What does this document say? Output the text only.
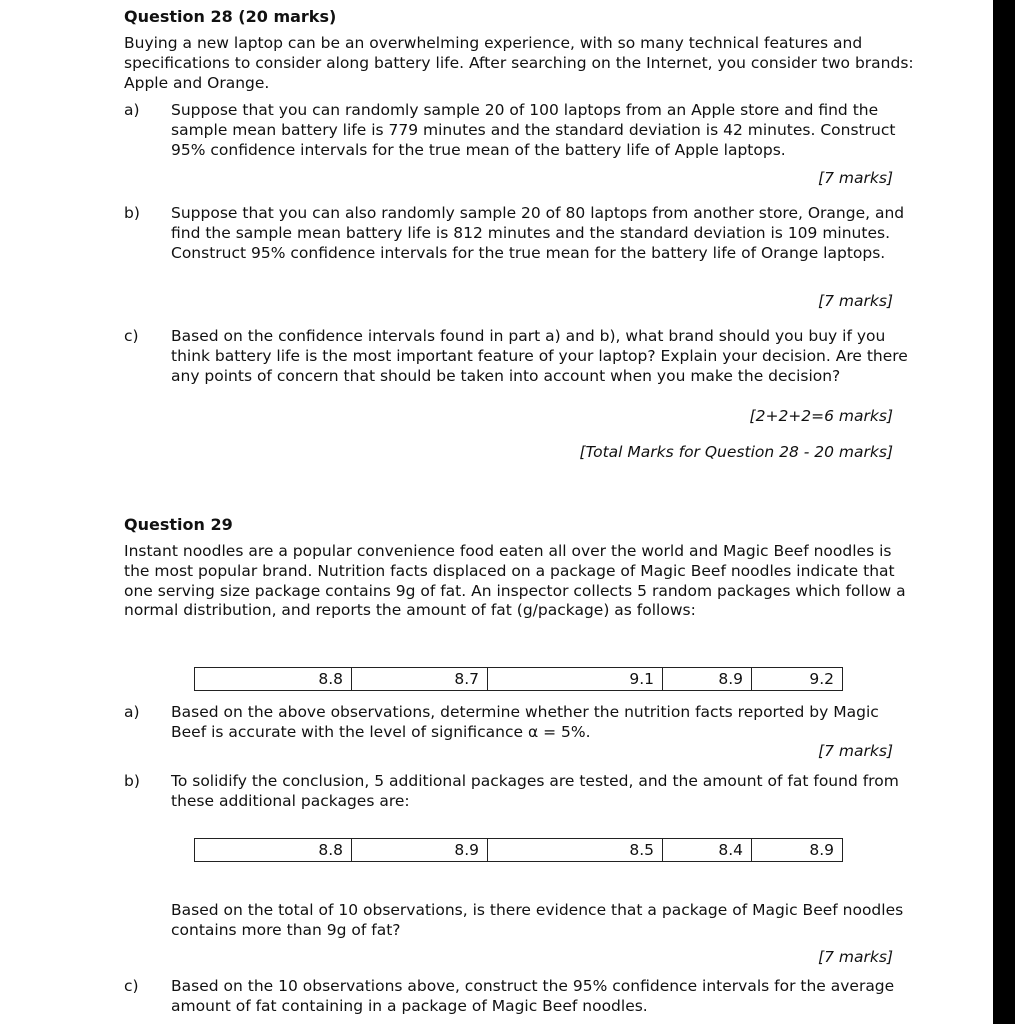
Question 28 (20 marks)
Buying a new laptop can be an overwhelming experience, with so many technical features and specifications to consider along battery life. After searching on the Internet, you consider two brands: Apple and Orange.
a)	Suppose that you can randomly sample 20 of 100 laptops from an Apple store and find the sample mean battery life is 779 minutes and the standard deviation is 42 minutes. Construct 95% confidence intervals for the true mean of the battery life of Apple laptops.
[7 marks]
b)	Suppose that you can also randomly sample 20 of 80 laptops from another store, Orange, and find the sample mean battery life is 812 minutes and the standard deviation is 109 minutes. Construct 95% confidence intervals for the true mean for the battery life of Orange laptops.
[7 marks]
c)	Based on the confidence intervals found in part a) and b), what brand should you buy if you think battery life is the most important feature of your laptop? Explain your decision. Are there any points of concern that should be taken into account when you make the decision?
[2+2+2=6 marks]
[Total Marks for Question 28 - 20 marks]
Question 29
Instant noodles are a popular convenience food eaten all over the world and Magic Beef noodles is the most popular brand. Nutrition facts displaced on a package of Magic Beef noodles indicate that one serving size package contains 9g of fat. An inspector collects 5 random packages which follow a normal distribution, and reports the amount of fat (g/package) as follows:
8.8	8.7	9.1	8.9	9.2
a)	Based on the above observations, determine whether the nutrition facts reported by Magic Beef is accurate with the level of significance α = 5%.
[7 marks]
b)	To solidify the conclusion, 5 additional packages are tested, and the amount of fat found from these additional packages are:
8.8	8.9	8.5	8.4	8.9
Based on the total of 10 observations, is there evidence that a package of Magic Beef noodles contains more than 9g of fat?
[7 marks]
c)	Based on the 10 observations above, construct the 95% confidence intervals for the average amount of fat containing in a package of Magic Beef noodles.
